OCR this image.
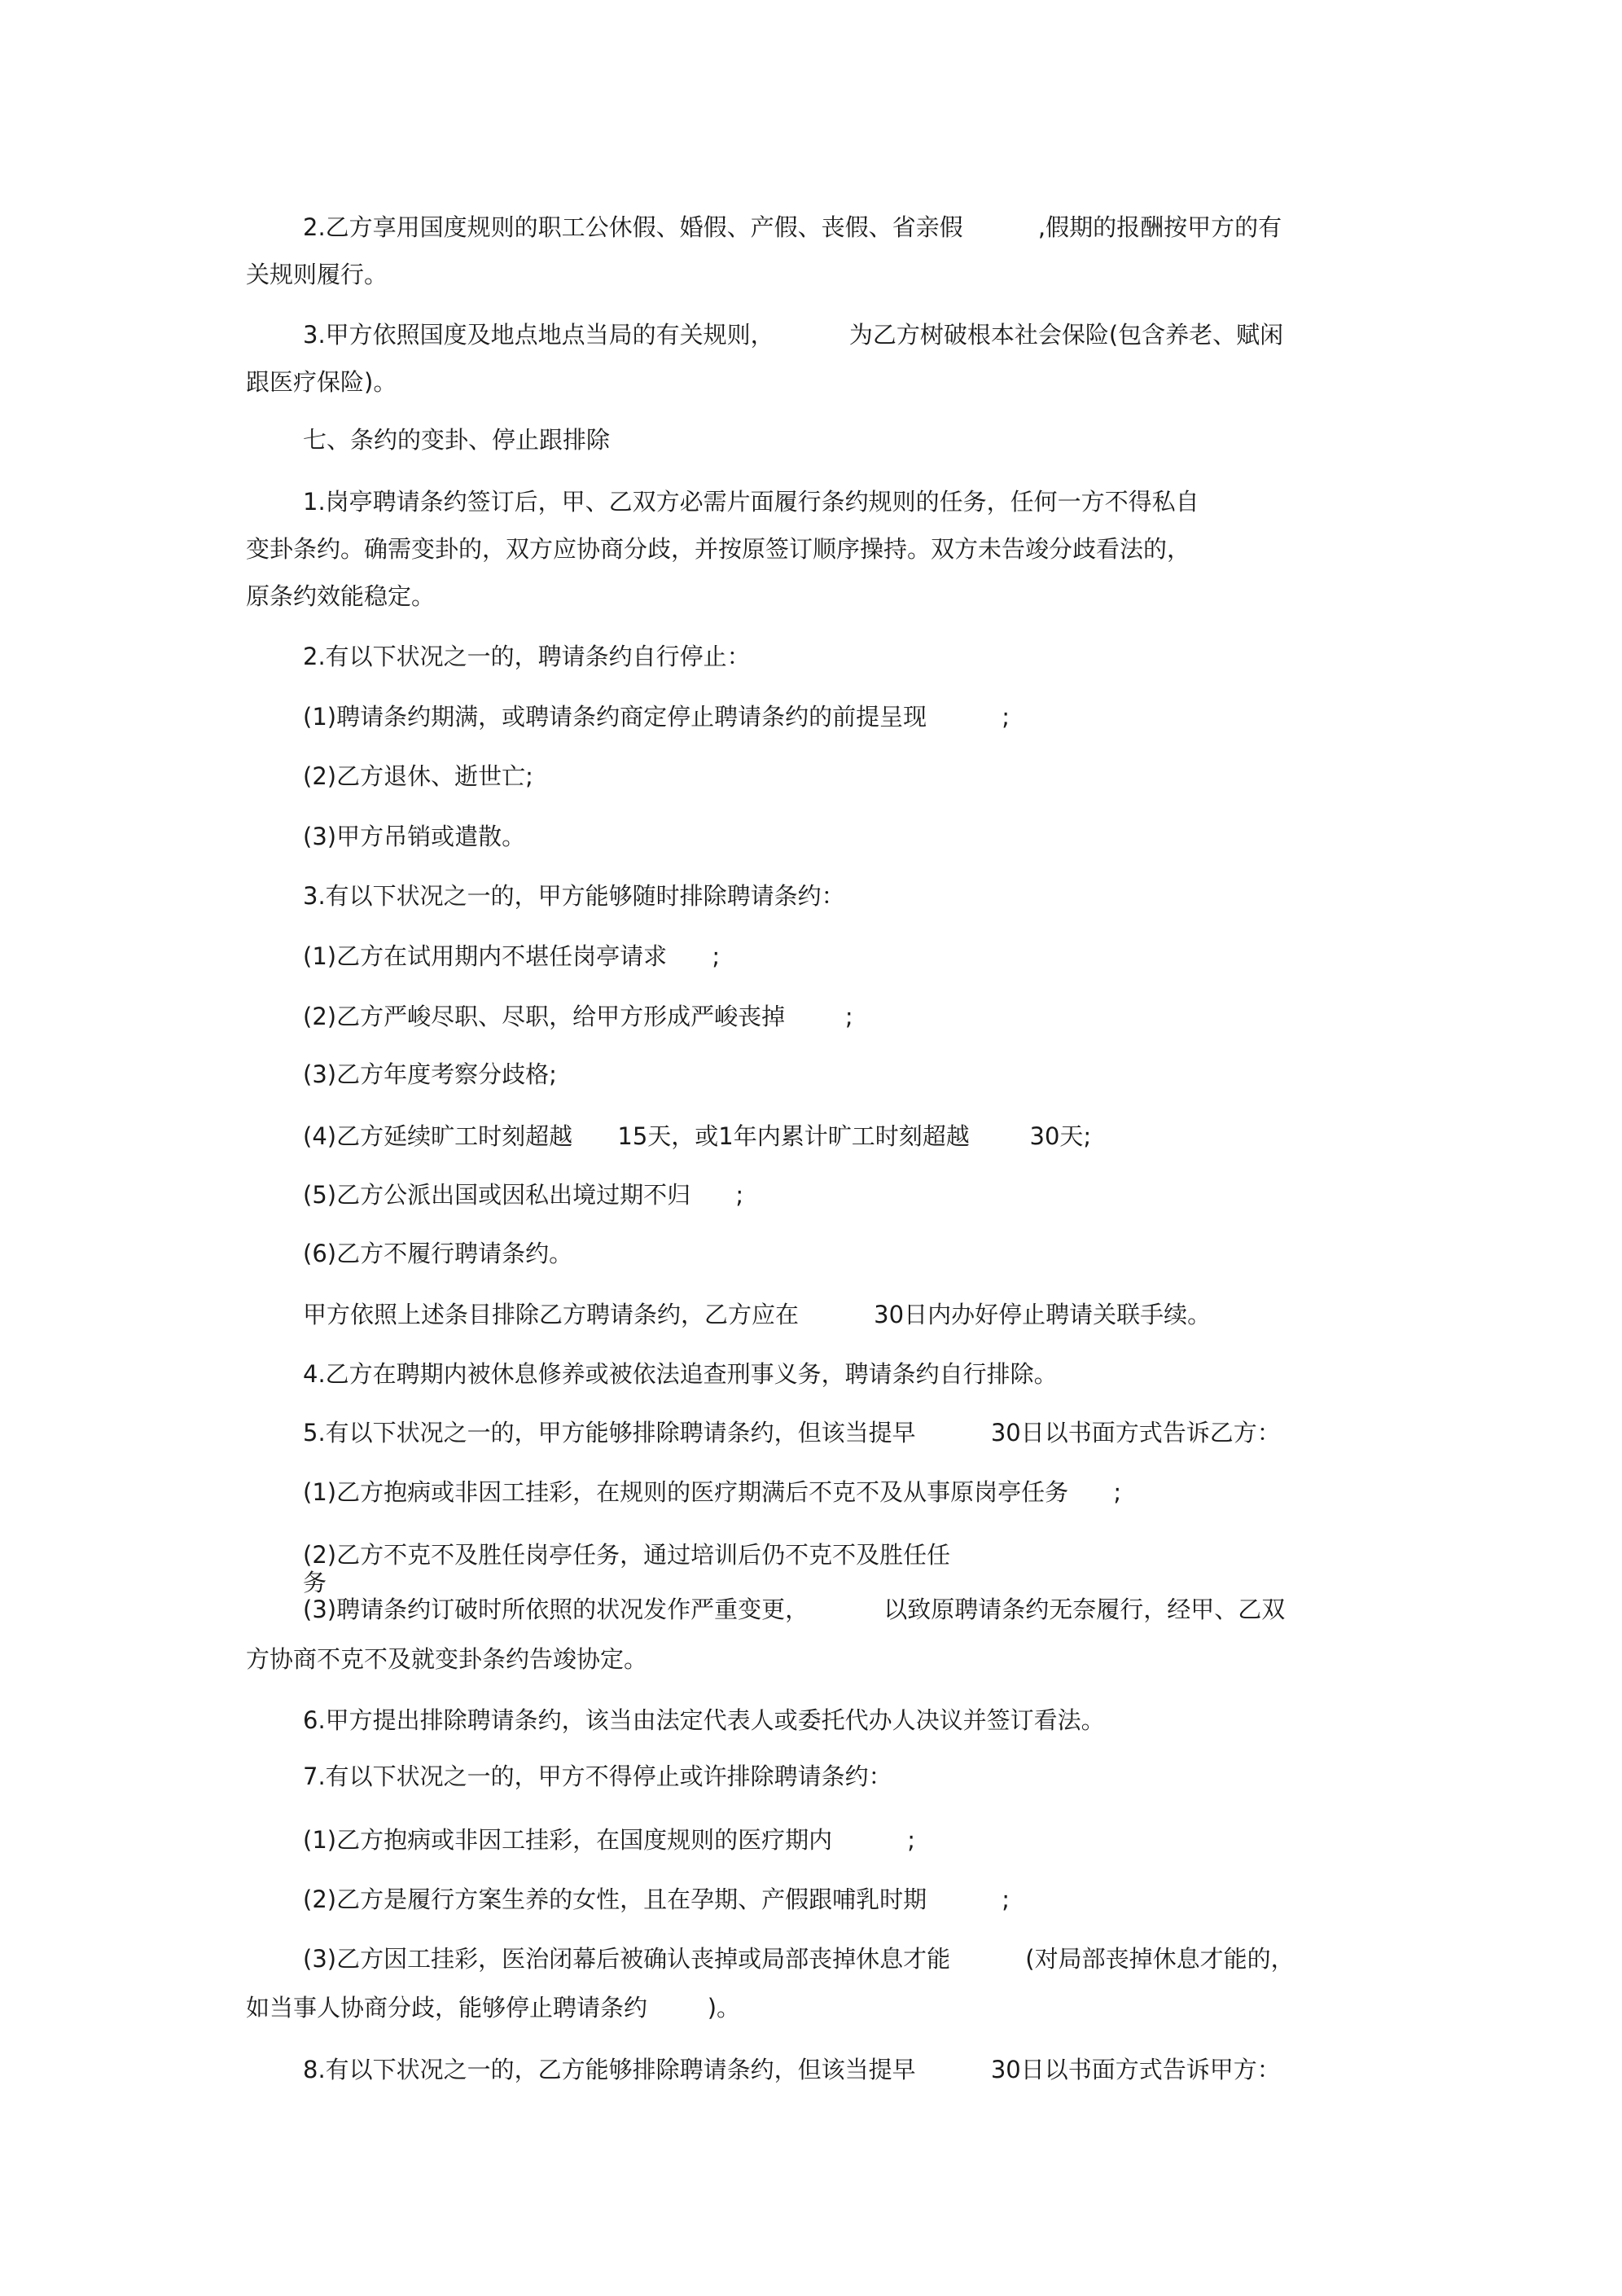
2.乙方享用国度规则的职工公休假、婚假、产假、丧假、省亲假          ,假期的报酬按甲方的有
关规则履行。
3.甲方依照国度及地点地点当局的有关规则，          为乙方树破根本社会保险(包含养老、赋闲
跟医疗保险)。
七、条约的变卦、停止跟排除
1.岗亭聘请条约签订后，甲、乙双方必需片面履行条约规则的任务，任何一方不得私自
变卦条约。确需变卦的，双方应协商分歧，并按原签订顺序操持。双方未告竣分歧看法的，
原条约效能稳定。
2.有以下状况之一的，聘请条约自行停止：
(1)聘请条约期满，或聘请条约商定停止聘请条约的前提呈现          ;
(2)乙方退休、逝世亡;
(3)甲方吊销或遣散。
3.有以下状况之一的，甲方能够随时排除聘请条约：
(1)乙方在试用期内不堪任岗亭请求      ;
(2)乙方严峻尽职、尽职，给甲方形成严峻丧掉        ;
(3)乙方年度考察分歧格;
(4)乙方延续旷工时刻超越      15天，或1年内累计旷工时刻超越        30天;
(5)乙方公派出国或因私出境过期不归      ;
(6)乙方不履行聘请条约。
甲方依照上述条目排除乙方聘请条约，乙方应在          30日内办好停止聘请关联手续。
4.乙方在聘期内被休息修养或被依法追查刑事义务，聘请条约自行排除。
5.有以下状况之一的，甲方能够排除聘请条约，但该当提早          30日以书面方式告诉乙方：
(1)乙方抱病或非因工挂彩，在规则的医疗期满后不克不及从事原岗亭任务      ;
(2)乙方不克不及胜任岗亭任务，通过培训后仍不克不及胜任任
务
(3)聘请条约订破时所依照的状况发作严重变更，          以致原聘请条约无奈履行，经甲、乙双
方协商不克不及就变卦条约告竣协定。
6.甲方提出排除聘请条约，该当由法定代表人或委托代办人决议并签订看法。
7.有以下状况之一的，甲方不得停止或许排除聘请条约：
(1)乙方抱病或非因工挂彩，在国度规则的医疗期内          ;
(2)乙方是履行方案生养的女性，且在孕期、产假跟哺乳时期          ;
(3)乙方因工挂彩，医治闭幕后被确认丧掉或局部丧掉休息才能          (对局部丧掉休息才能的，
如当事人协商分歧，能够停止聘请条约        )。
8.有以下状况之一的，乙方能够排除聘请条约，但该当提早          30日以书面方式告诉甲方：
